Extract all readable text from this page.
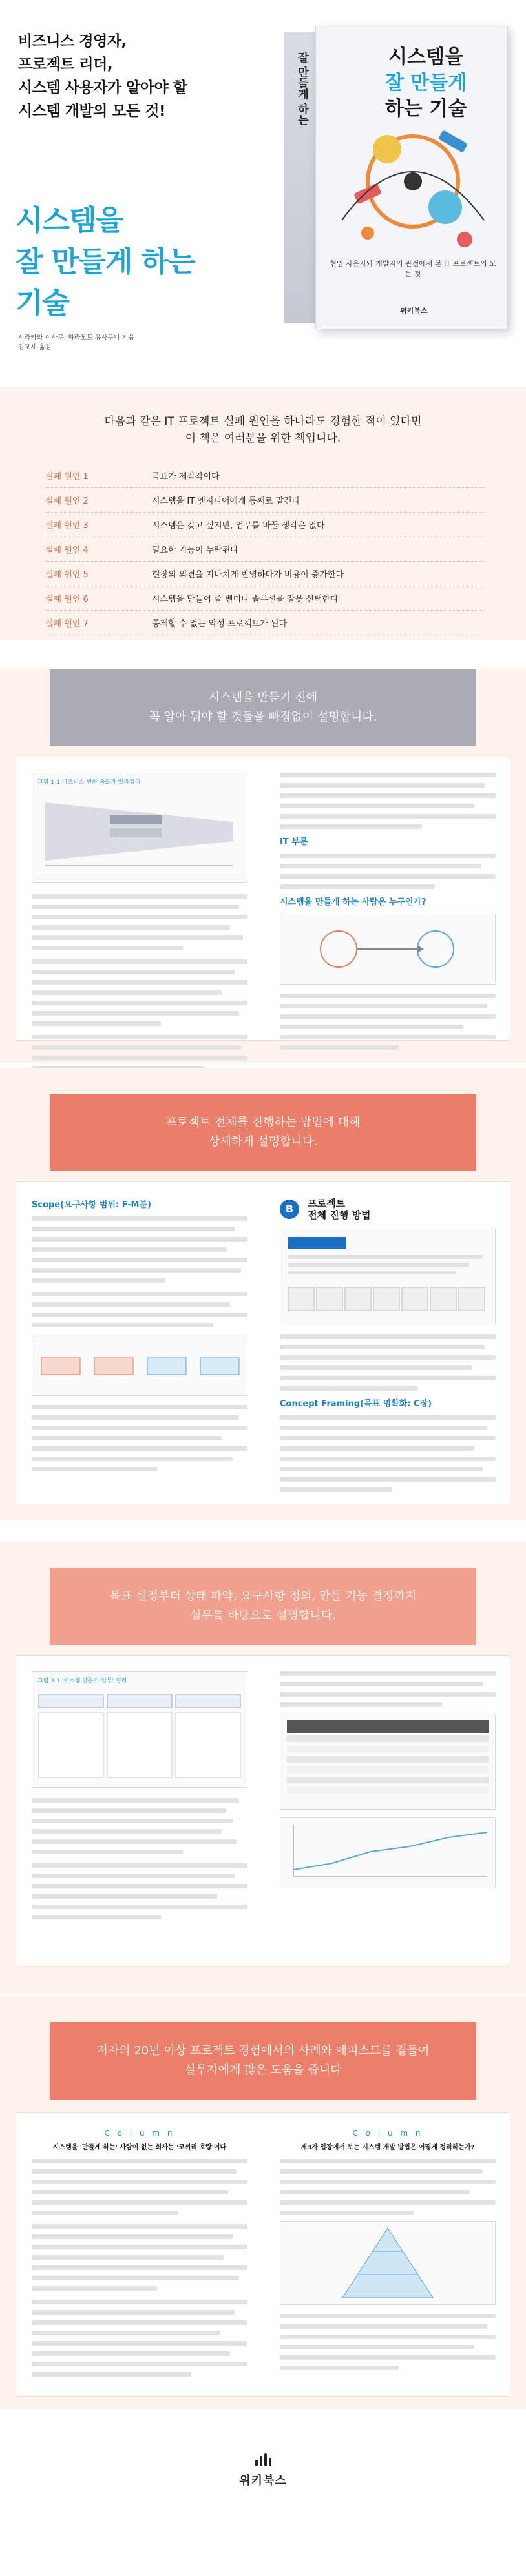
비즈니스 경영자,
프로젝트 리더,
시스템 사용자가 알아야 할
시스템 개발의 모든 것!
시스템을
잘 만들게 하는
기술
시라카와 이사무, 하라모토 유사쿠니 지음
김모세 옮김
잘 만들게 하는	시스템을
잘 만들게
하는 기술
현업 사용자와 개발자의 관점에서 본 IT 프로젝트의 모든 것
위키북스
다음과 같은 IT 프로젝트 실패 원인을 하나라도 경험한 적이 있다면
이 책은 여러분을 위한 책입니다.
실패 원인 1	목표가 제각각이다
실패 원인 2	시스템을 IT 엔지니어에게 통째로 맡긴다
실패 원인 3	시스템은 갖고 싶지만, 업무를 바꿀 생각은 없다
실패 원인 4	필요한 기능이 누락된다
실패 원인 5	현장의 의견을 지나치게 반영하다가 비용이 증가한다
실패 원인 6	시스템을 만들어 줄 벤더나 솔루션을 잘못 선택한다
실패 원인 7	통제할 수 없는 악성 프로젝트가 된다
시스템을 만들기 전에
꼭 알아 둬야 할 것들을 빠짐없이 설명합니다.
그림 1-1 비즈니스 변화 속도가 빨라졌다
IT 부문
시스템을 만들게 하는 사람은 누구인가?
프로젝트 전체를 진행하는 방법에 대해
상세하게 설명합니다.
Scope(요구사항 범위: F-M분)	B 프로젝트
전체 진행 방법
Concept Framing(목표 명확화: C장)
목표 설정부터 상태 파악, 요구사항 정의, 만들 기능 결정까지
실무를 바탕으로 설명합니다.
그림 3-1 '시스템 만들기 업무' 정리
저자의 20년 이상 프로젝트 경험에서의 사례와 에피소드를 곁들여
실무자에게 많은 도움을 줍니다
C o l u m n
시스템을 '만들게 하는' 사람이 없는 회사는 '코끼리 호랑'이다
C o l u m n
제3자 입장에서 보는 시스템 개발 방법은 어떻게 정리하는가?
위키북스
